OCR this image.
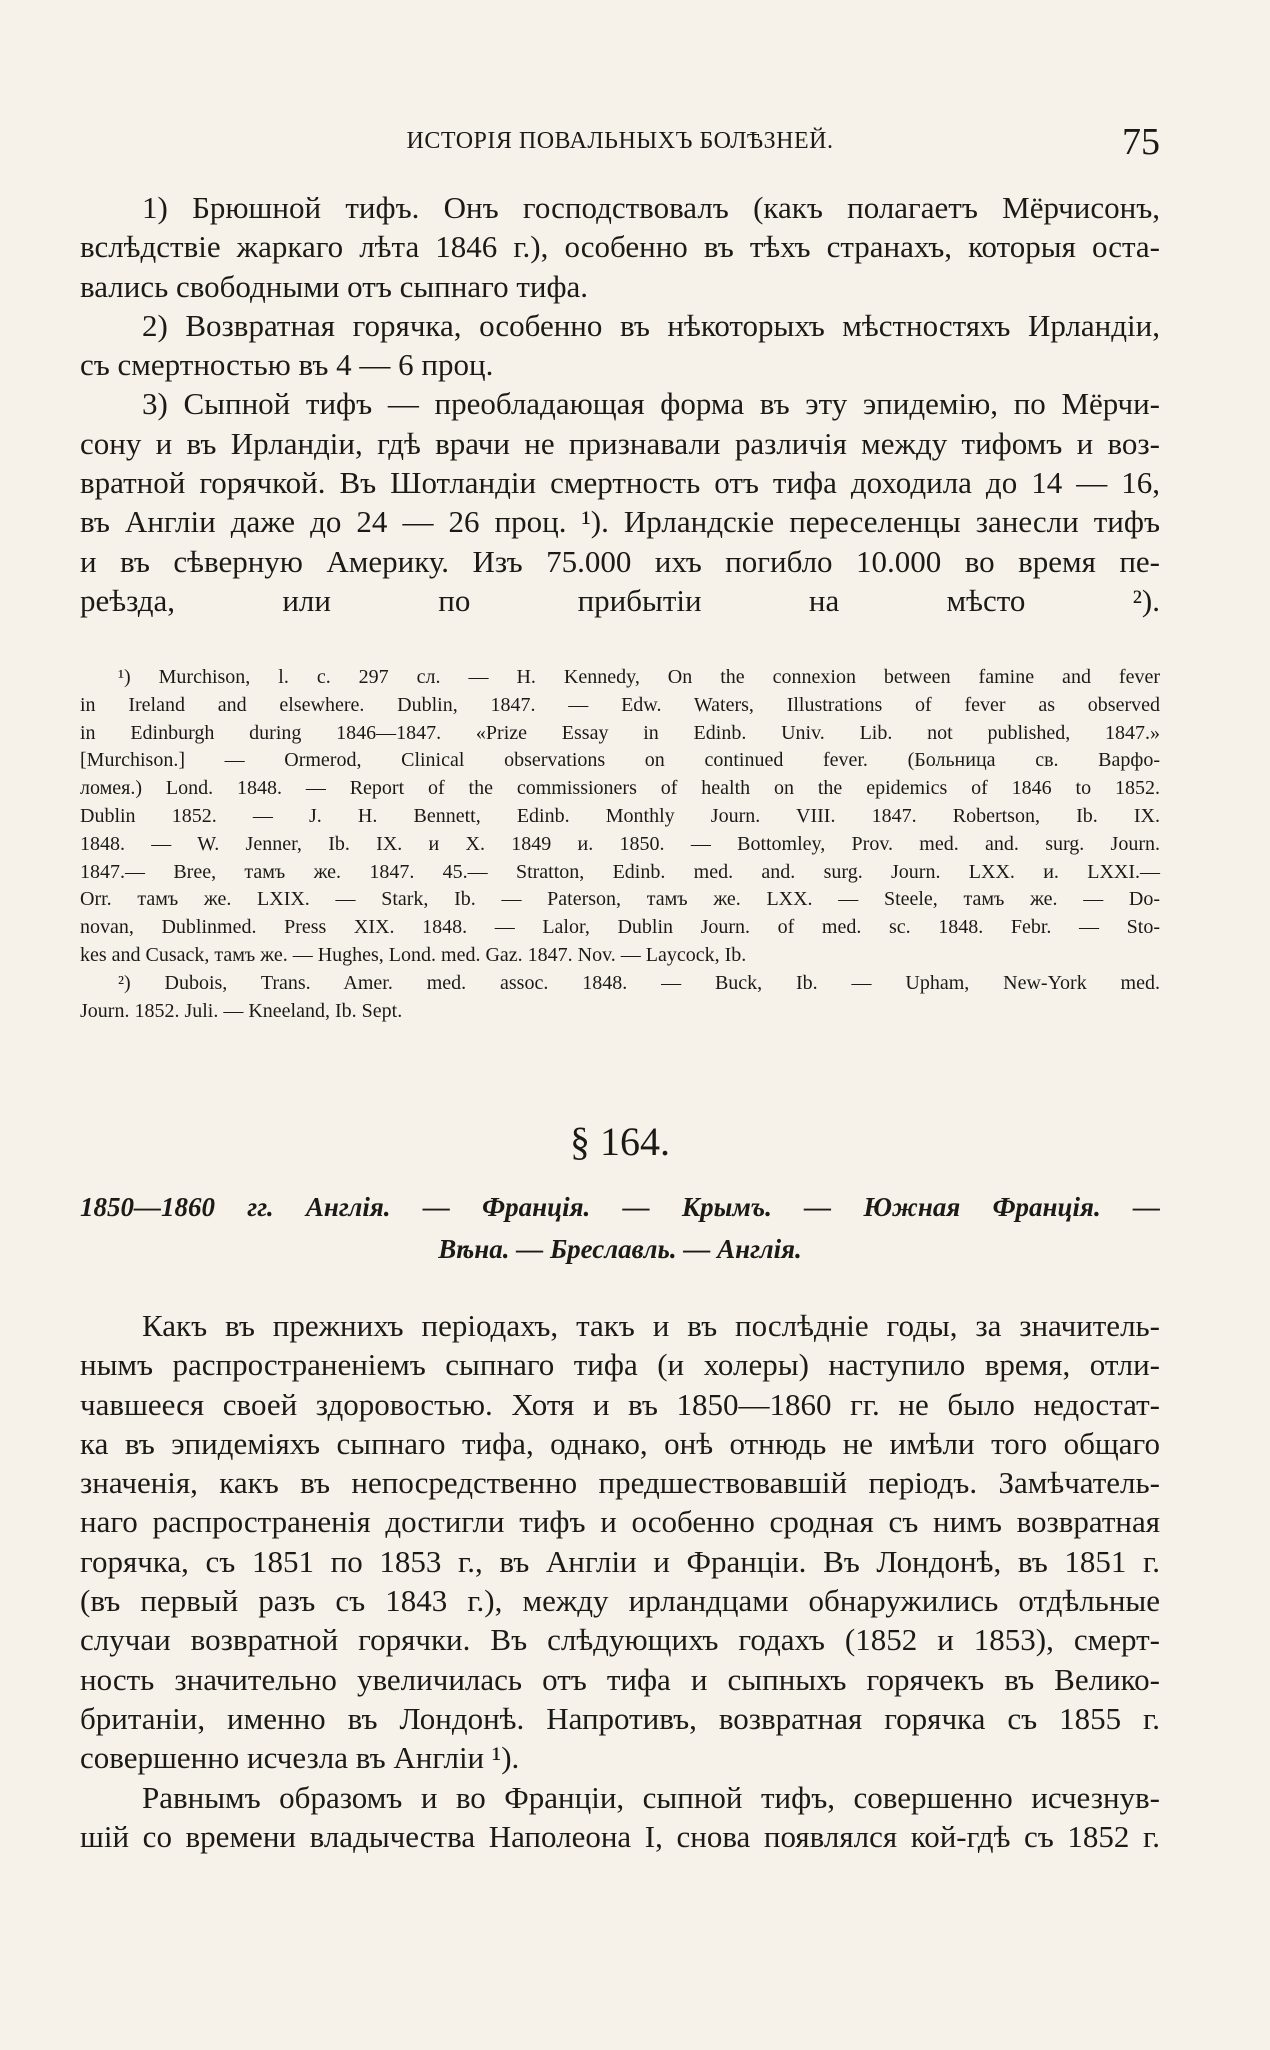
ИСТОРІЯ ПОВАЛЬНЫХЪ БОЛѢЗНЕЙ.	75
1) Брюшной тифъ. Онъ господствовалъ (какъ полагаетъ Мёрчисонъ,
вслѣдствіе жаркаго лѣта 1846 г.), особенно въ тѣхъ странахъ, которыя оста-
вались свободными отъ сыпнаго тифа.
2) Возвратная горячка, особенно въ нѣкоторыхъ мѣстностяхъ Ирландіи,
съ смертностью въ 4 — 6 проц.
3) Сыпной тифъ — преобладающая форма въ эту эпидемію, по Мёрчи-
сону и въ Ирландіи, гдѣ врачи не признавали различія между тифомъ и воз-
вратной горячкой. Въ Шотландіи смертность отъ тифа доходила до 14 — 16,
въ Англіи даже до 24 — 26 проц. ¹). Ирландскіе переселенцы занесли тифъ
и въ сѣверную Америку. Изъ 75.000 ихъ погибло 10.000 во время пе-
реѣзда, или по прибытіи на мѣсто ²).
¹) Murchison, l. c. 297 сл. — H. Kennedy, On the connexion between famine and fever
in Ireland and elsewhere. Dublin, 1847. — Edw. Waters, Illustrations of fever as observed
in Edinburgh during 1846—1847. «Prize Essay in Edinb. Univ. Lib. not published, 1847.»
[Murchison.] — Ormerod, Clinical observations on continued fever. (Больница св. Варфо-
ломея.) Lond. 1848. — Report of the commissioners of health on the epidemics of 1846 to 1852.
Dublin 1852. — J. H. Bennett, Edinb. Monthly Journ. VIII. 1847. Robertson, Ib. IX.
1848. — W. Jenner, Ib. IX. и X. 1849 и. 1850. — Bottomley, Prov. med. and. surg. Journ.
1847.— Bree, тамъ же. 1847. 45.— Stratton, Edinb. med. and. surg. Journ. LXX. и. LXXI.—
Orr. тамъ же. LXIX. — Stark, Ib. — Paterson, тамъ же. LXX. — Steele, тамъ же. — Do-
novan, Dublinmed. Press XIX. 1848. — Lalor, Dublin Journ. of med. sc. 1848. Febr. — Sto-
kes and Cusack, тамъ же. — Hughes, Lond. med. Gaz. 1847. Nov. — Laycock, Ib.
²) Dubois, Trans. Amer. med. assoc. 1848. — Buck, Ib. — Upham, New-York med.
Journ. 1852. Juli. — Kneeland, Ib. Sept.
§ 164.
1850—1860 гг. Англія. — Франція. — Крымъ. — Южная Франція. —
Вѣна. — Бреславль. — Англія.
Какъ въ прежнихъ періодахъ, такъ и въ послѣдніе годы, за значитель-
нымъ распространеніемъ сыпнаго тифа (и холеры) наступило время, отли-
чавшееся своей здоровостью. Хотя и въ 1850—1860 гг. не было недостат-
ка въ эпидеміяхъ сыпнаго тифа, однако, онѣ отнюдь не имѣли того общаго
значенія, какъ въ непосредственно предшествовавшій періодъ. Замѣчатель-
наго распространенія достигли тифъ и особенно сродная съ нимъ возвратная
горячка, съ 1851 по 1853 г., въ Англіи и Франціи. Въ Лондонѣ, въ 1851 г.
(въ первый разъ съ 1843 г.), между ирландцами обнаружились отдѣльные
случаи возвратной горячки. Въ слѣдующихъ годахъ (1852 и 1853), смерт-
ность значительно увеличилась отъ тифа и сыпныхъ горячекъ въ Велико-
британіи, именно въ Лондонѣ. Напротивъ, возвратная горячка съ 1855 г.
совершенно исчезла въ Англіи ¹).
Равнымъ образомъ и во Франціи, сыпной тифъ, совершенно исчезнув-
шій со времени владычества Наполеона I, снова появлялся кой-гдѣ съ 1852 г.
